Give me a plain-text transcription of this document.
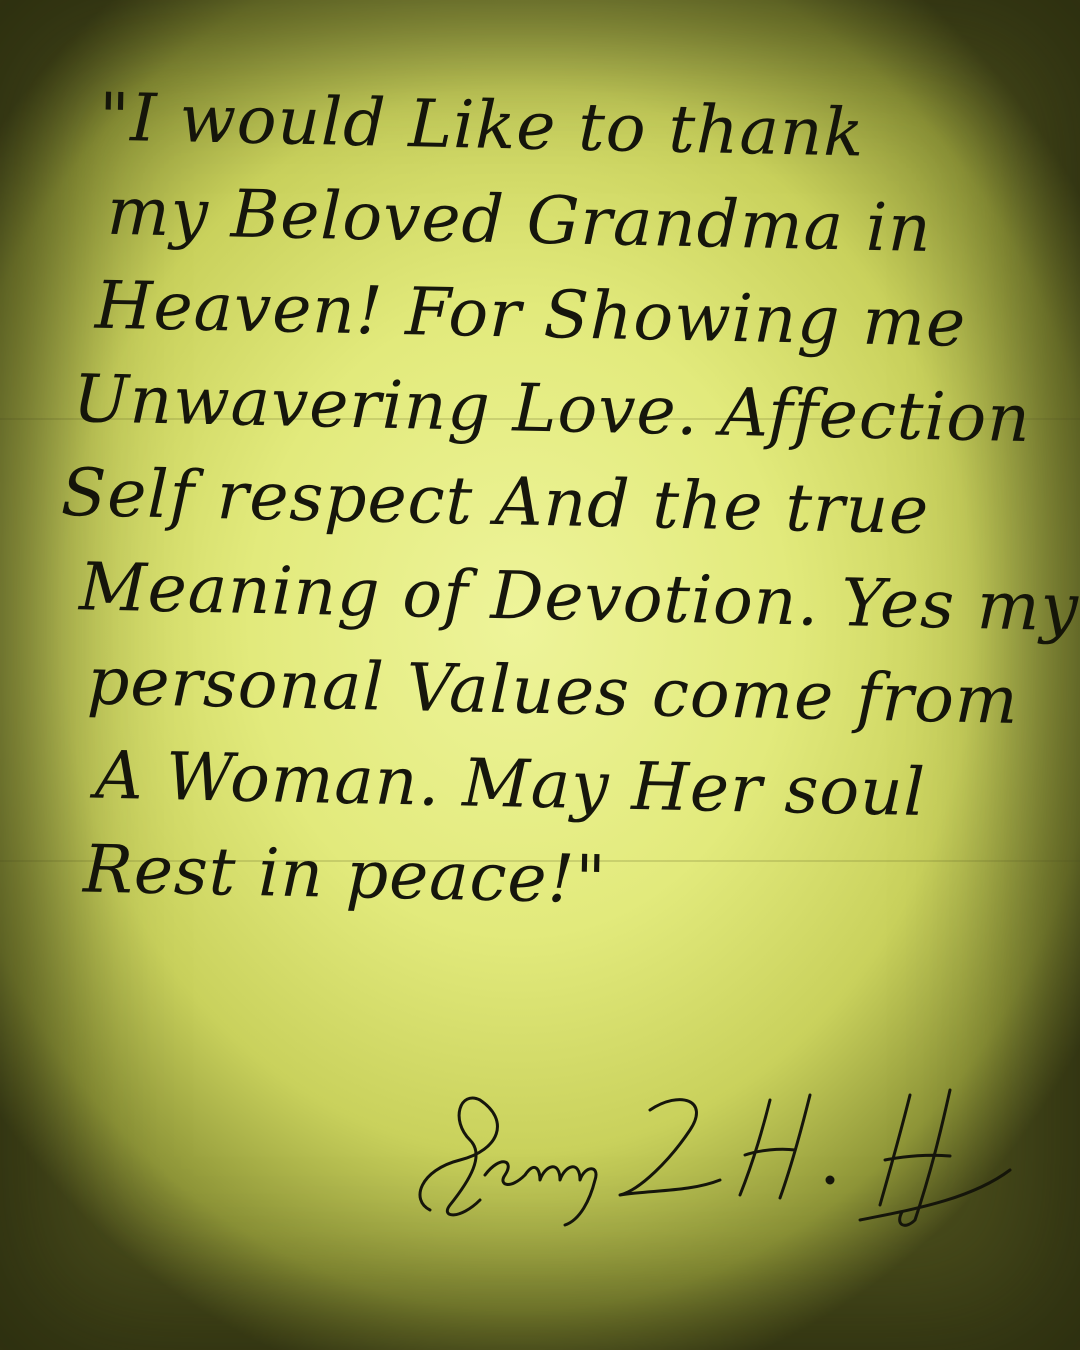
"I would Like to thank
my Beloved Grandma in
Heaven! For Showing me
Unwavering Love. Affection
Self respect And the true
Meaning of Devotion. Yes my
personal Values come from
A Woman. May Her soul
Rest in peace!"
